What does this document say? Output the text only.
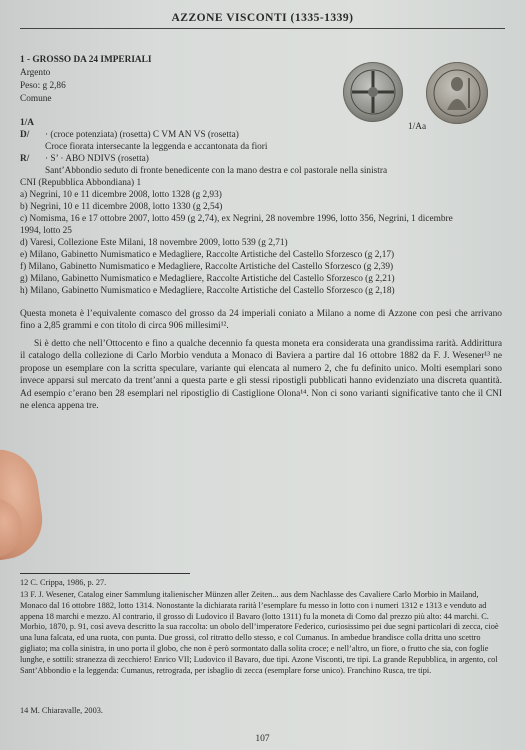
AZZONE VISCONTI (1335-1339)
1 - GROSSO DA 24 IMPERIALI
Argento
Peso: g 2,86
Comune
1/Aa
1/A
D/ · (croce potenziata) (rosetta) C VM AN VS (rosetta)
Croce fiorata intersecante la leggenda e accantonata da fiori
R/ · S’ · ABO NDIVS (rosetta)
Sant’Abbondio seduto di fronte benedicente con la mano destra e col pastorale nella sinistra
CNI (Repubblica Abbondiana) 1
a) Negrini, 10 e 11 dicembre 2008, lotto 1328 (g 2,93)
b) Negrini, 10 e 11 dicembre 2008, lotto 1330 (g 2,54)
c) Nomisma, 16 e 17 ottobre 2007, lotto 459 (g 2,74), ex Negrini, 28 novembre 1996, lotto 356, Negrini, 1 dicembre
1994, lotto 25
d) Varesi, Collezione Este Milani, 18 novembre 2009, lotto 539 (g 2,71)
e) Milano, Gabinetto Numismatico e Medagliere, Raccolte Artistiche del Castello Sforzesco (g 2,17)
f) Milano, Gabinetto Numismatico e Medagliere, Raccolte Artistiche del Castello Sforzesco (g 2,39)
g) Milano, Gabinetto Numismatico e Medagliere, Raccolte Artistiche del Castello Sforzesco (g 2,21)
h) Milano, Gabinetto Numismatico e Medagliere, Raccolte Artistiche del Castello Sforzesco (g 2,18)
Questa moneta è l’equivalente comasco del grosso da 24 imperiali coniato a Milano a nome di Azzone con pesi che arrivano fino a 2,85 grammi e con titolo di circa 906 millesimi¹².
Si è detto che nell’Ottocento e fino a qualche decennio fa questa moneta era considerata una grandissima rarità. Addirittura il catalogo della collezione di Carlo Morbio venduta a Monaco di Baviera a partire dal 16 ottobre 1882 da F. J. Wesener¹³ ne propose un esemplare con la scritta speculare, variante qui elencata al numero 2, che fu definito unico. Molti esemplari sono invece apparsi sul mercato da trent’anni a questa parte e gli stessi ripostigli pubblicati hanno evidenziato una discreta quantità. Ad esempio c’erano ben 28 esemplari nel ripostiglio di Castiglione Olona¹⁴. Non ci sono varianti significative tanto che il CNI ne elenca appena tre.
12 C. Crippa, 1986, p. 27.
13 F. J. Wesener, Catalog einer Sammlung italienischer Münzen aller Zeiten... aus dem Nachlasse des Cavaliere Carlo Morbio in Mailand, Monaco dal 16 ottobre 1882, lotto 1314. Nonostante la dichiarata rarità l’esemplare fu messo in lotto con i numeri 1312 e 1313 e venduto ad appena 18 marchi e mezzo. Al contrario, il grosso di Ludovico il Bavaro (lotto 1311) fu la moneta di Como dal prezzo più alto: 44 marchi. C. Morbio, 1870, p. 91, così aveva descritto la sua raccolta: un obolo dell’imperatore Federico, curiosissimo pei due segni particolari di zecca, cioè una luna falcata, ed una ruota, con punta. Due grossi, col ritratto dello stesso, e col Cumanus. In ambedue brandisce colla dritta uno scettro gigliato; ma colla sinistra, in uno porta il globo, che non è però sormontato dalla solita croce; e nell’altro, un fiore, o frutto che sia, con foglie lunghe, e sottili: stranezza di zecchiero! Enrico VII; Ludovico il Bavaro, due tipi. Azone Visconti, tre tipi. La grande Repubblica, in argento, col Sant’Abbondio e la leggenda: Cumanus, retrograda, per isbaglio di zecca (esemplare forse unico). Franchino Rusca, tre tipi.
14 M. Chiaravalle, 2003.
107
